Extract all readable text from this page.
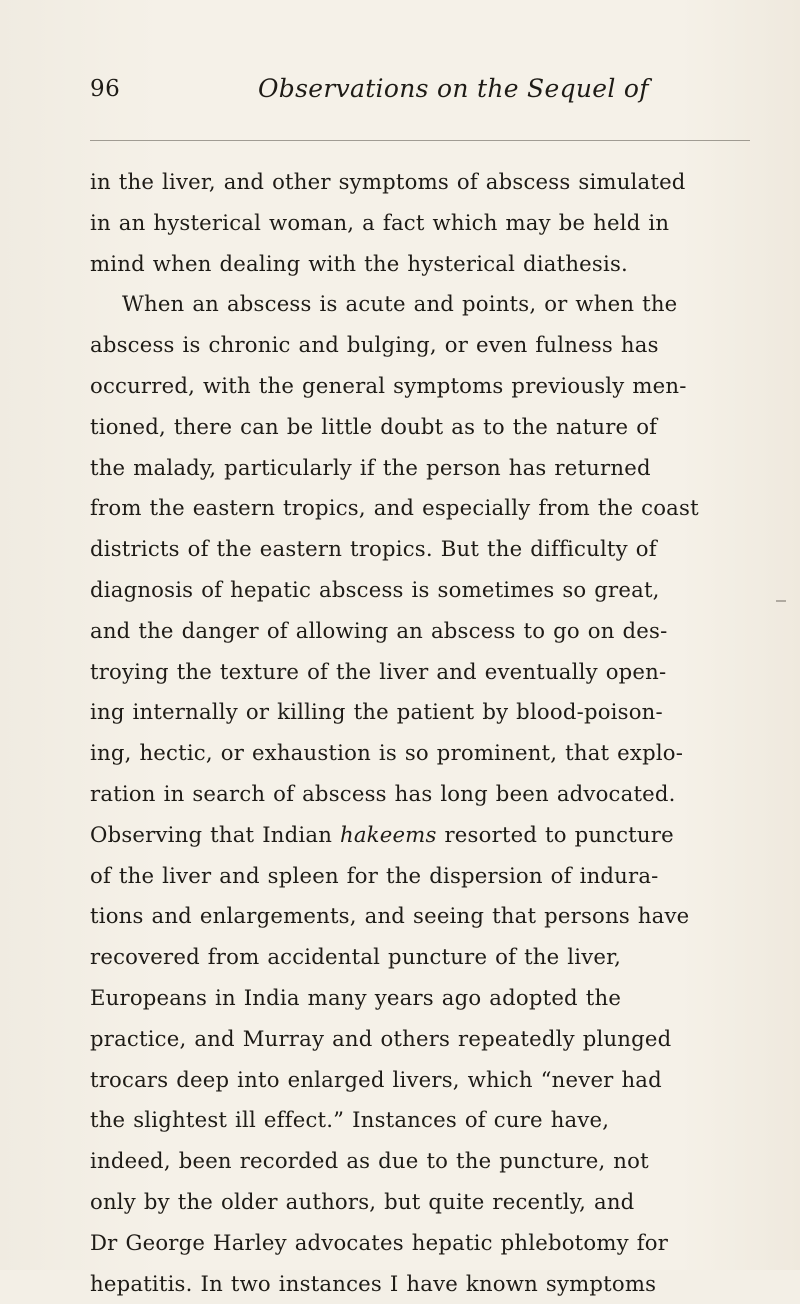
96	Observations on the Sequel of
in the liver, and other symptoms of abscess simulated
in an hysterical woman, a fact which may be held in
mind when dealing with the hysterical diathesis.
When an abscess is acute and points, or when the
abscess is chronic and bulging, or even fulness has
occurred, with the general symptoms previously men-
tioned, there can be little doubt as to the nature of
the malady, particularly if the person has returned
from the eastern tropics, and especially from the coast
districts of the eastern tropics. But the difficulty of
diagnosis of hepatic abscess is sometimes so great,
and the danger of allowing an abscess to go on des-
troying the texture of the liver and eventually open-
ing internally or killing the patient by blood-poison-
ing, hectic, or exhaustion is so prominent, that explo-
ration in search of abscess has long been advocated.
Observing that Indian hakeems resorted to puncture
of the liver and spleen for the dispersion of indura-
tions and enlargements, and seeing that persons have
recovered from accidental puncture of the liver,
Europeans in India many years ago adopted the
practice, and Murray and others repeatedly plunged
trocars deep into enlarged livers, which “never had
the slightest ill effect.” Instances of cure have,
indeed, been recorded as due to the puncture, not
only by the older authors, but quite recently, and
Dr George Harley advocates hepatic phlebotomy for
hepatitis. In two instances I have known symptoms
